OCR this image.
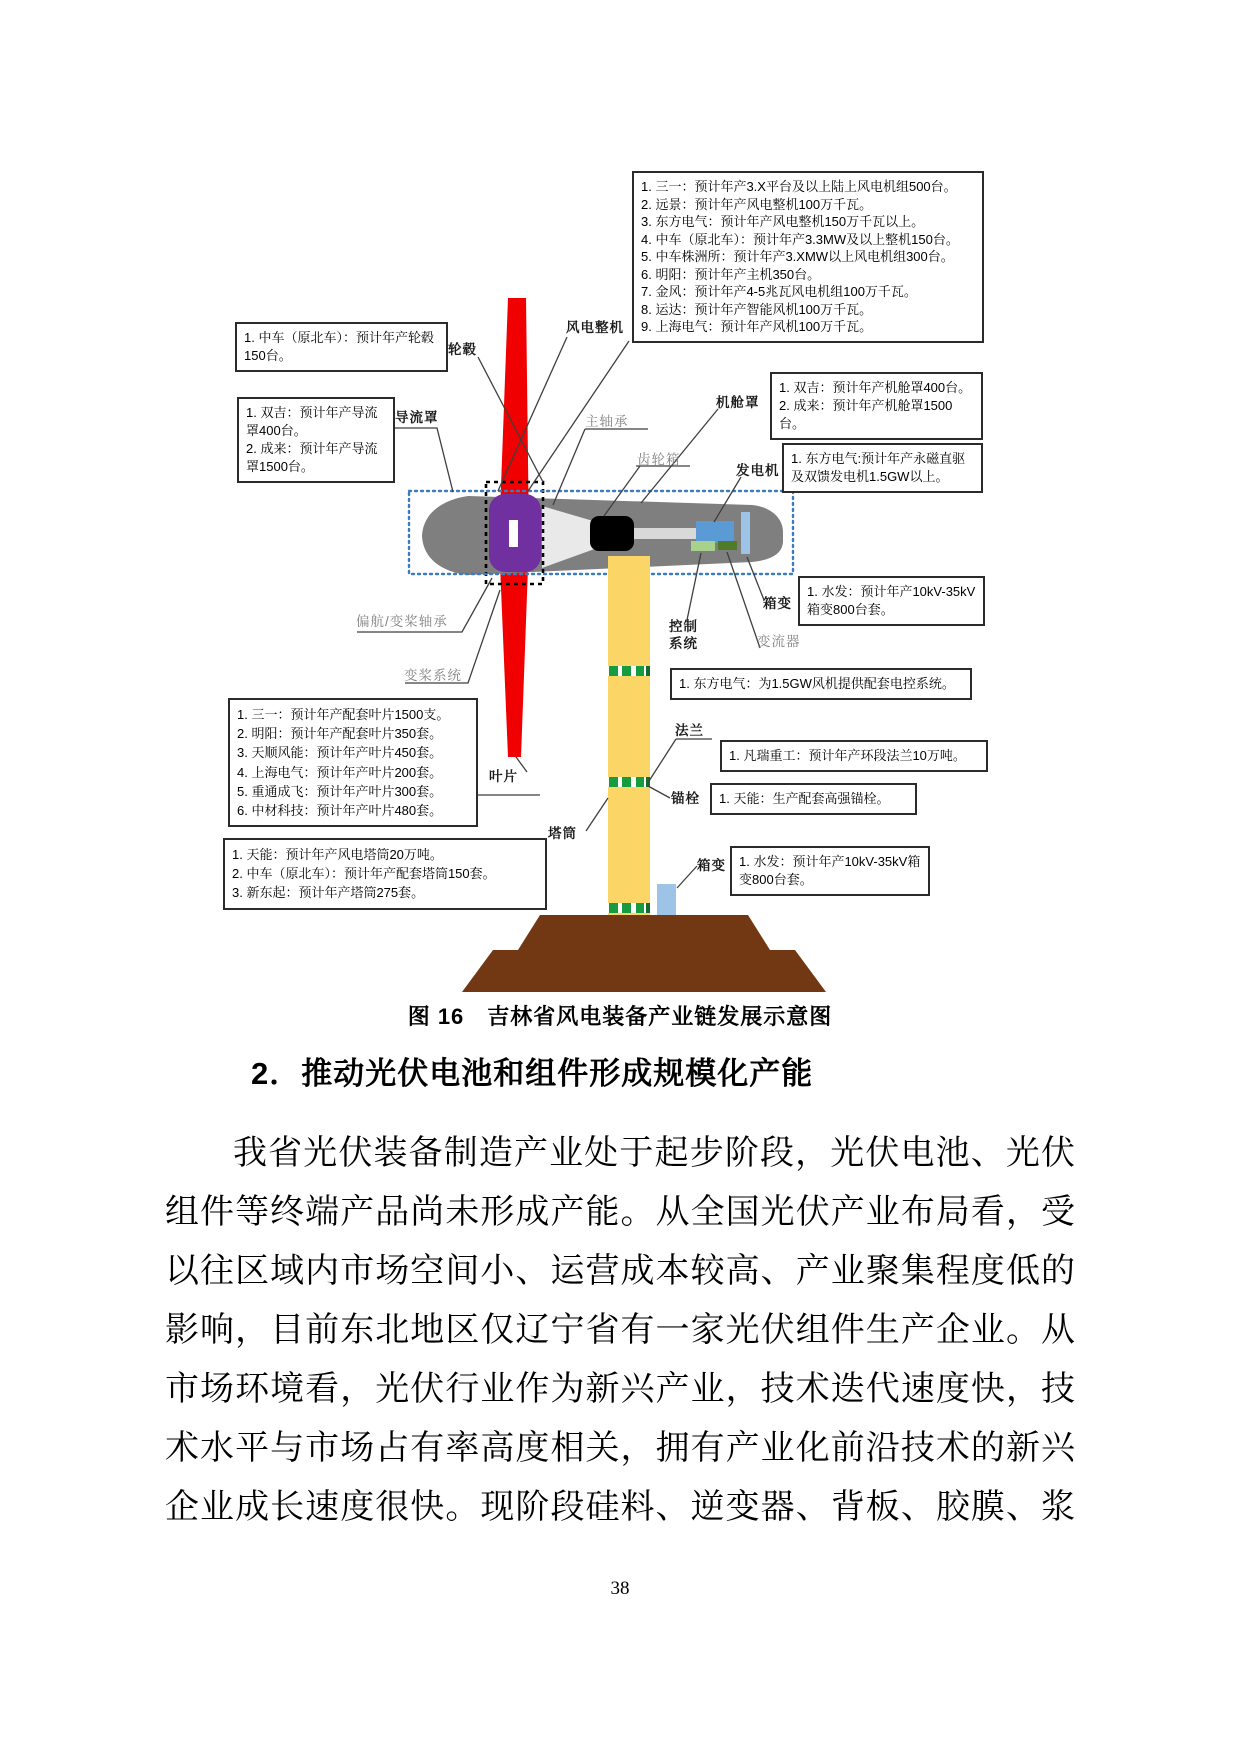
1. 三一：预计年产3.X平台及以上陆上风电机组500台。
2. 远景：预计年产风电整机100万千瓦。
3. 东方电气：预计年产风电整机150万千瓦以上。
4. 中车（原北车）：预计年产3.3MW及以上整机150台。
5. 中车株洲所：预计年产3.XMW以上风电机组300台。
6. 明阳：预计年产主机350台。
7. 金风：预计年产4-5兆瓦风电机组100万千瓦。
8. 运达：预计年产智能风机100万千瓦。
9. 上海电气：预计年产风机100万千瓦。
1. 中车（原北车）：预计年产轮毂150台。
1. 双吉：预计年产导流罩400台。
2. 成来：预计年产导流罩1500台。
1. 双吉：预计年产机舱罩400台。
2. 成来：预计年产机舱罩1500台。
1. 东方电气:预计年产永磁直驱及双馈发电机1.5GW以上。
1. 水发：预计年产10kV-35kV箱变800台套。
1. 东方电气：为1.5GW风机提供配套电控系统。
1. 凡瑞重工：预计年产环段法兰10万吨。
1. 天能：生产配套高强锚栓。
1. 水发：预计年产10kV-35kV箱变800台套。
1. 三一：预计年产配套叶片1500支。
2. 明阳：预计年产配套叶片350套。
3. 天顺风能：预计年产叶片450套。
4. 上海电气：预计年产叶片200套。
5. 重通成飞：预计年产叶片300套。
6. 中材科技：预计年产叶片480套。
1. 天能：预计年产风电塔筒20万吨。
2. 中车（原北车）：预计年产配套塔筒150套。
3. 新东起：预计年产塔筒275套。
轮毂
导流罩
风电整机
主轴承
齿轮箱
机舱罩
发电机
箱变
控制系统	变流器
偏航/变桨轴承
变桨系统
法兰
锚栓
箱变
叶片
塔筒
图 16　吉林省风电装备产业链发展示意图
2．推动光伏电池和组件形成规模化产能
我省光伏装备制造产业处于起步阶段，光伏电池、光伏
组件等终端产品尚未形成产能。从全国光伏产业布局看，受
以往区域内市场空间小、运营成本较高、产业聚集程度低的
影响，目前东北地区仅辽宁省有一家光伏组件生产企业。从
市场环境看，光伏行业作为新兴产业，技术迭代速度快，技
术水平与市场占有率高度相关，拥有产业化前沿技术的新兴
企业成长速度很快。现阶段硅料、逆变器、背板、胶膜、浆
38
